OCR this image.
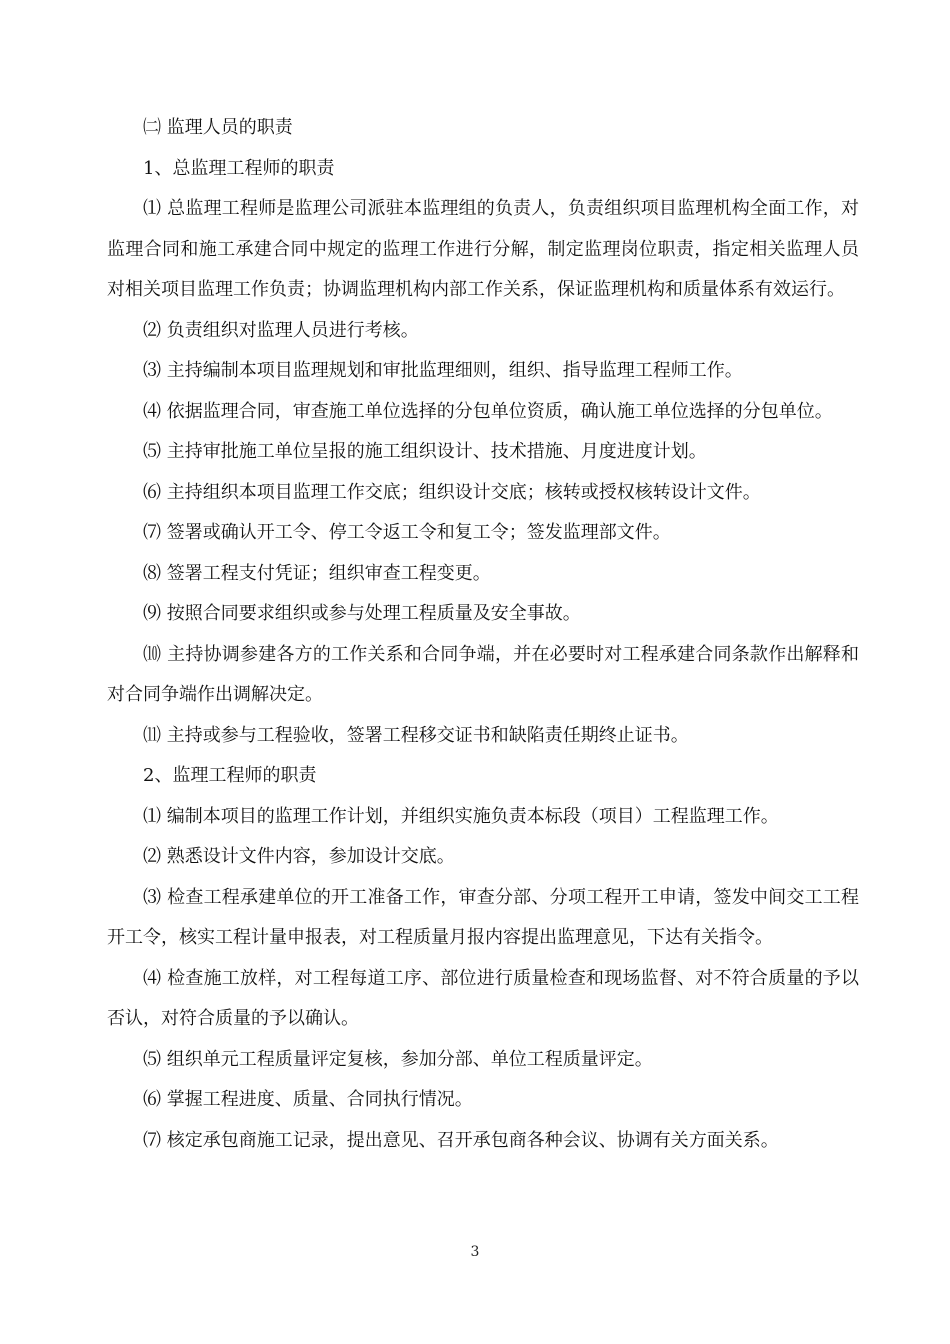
㈡ 监理人员的职责

1、总监理工程师的职责

⑴ 总监理工程师是监理公司派驻本监理组的负责人，负责组织项目监理机构全面工作，对监理合同和施工承建合同中规定的监理工作进行分解，制定监理岗位职责，指定相关监理人员对相关项目监理工作负责；协调监理机构内部工作关系，保证监理机构和质量体系有效运行。

⑵ 负责组织对监理人员进行考核。

⑶ 主持编制本项目监理规划和审批监理细则，组织、指导监理工程师工作。

⑷ 依据监理合同，审查施工单位选择的分包单位资质，确认施工单位选择的分包单位。

⑸ 主持审批施工单位呈报的施工组织设计、技术措施、月度进度计划。

⑹ 主持组织本项目监理工作交底；组织设计交底；核转或授权核转设计文件。

⑺ 签署或确认开工令、停工令返工令和复工令；签发监理部文件。

⑻ 签署工程支付凭证；组织审查工程变更。

⑼ 按照合同要求组织或参与处理工程质量及安全事故。

⑽ 主持协调参建各方的工作关系和合同争端，并在必要时对工程承建合同条款作出解释和对合同争端作出调解决定。

⑾ 主持或参与工程验收，签署工程移交证书和缺陷责任期终止证书。

2、监理工程师的职责

⑴ 编制本项目的监理工作计划，并组织实施负责本标段（项目）工程监理工作。

⑵ 熟悉设计文件内容，参加设计交底。

⑶ 检查工程承建单位的开工准备工作，审查分部、分项工程开工申请，签发中间交工工程开工令，核实工程计量申报表，对工程质量月报内容提出监理意见，下达有关指令。

⑷ 检查施工放样，对工程每道工序、部位进行质量检查和现场监督、对不符合质量的予以否认，对符合质量的予以确认。

⑸ 组织单元工程质量评定复核，参加分部、单位工程质量评定。

⑹ 掌握工程进度、质量、合同执行情况。

⑺ 核定承包商施工记录，提出意见、召开承包商各种会议、协调有关方面关系。

3
